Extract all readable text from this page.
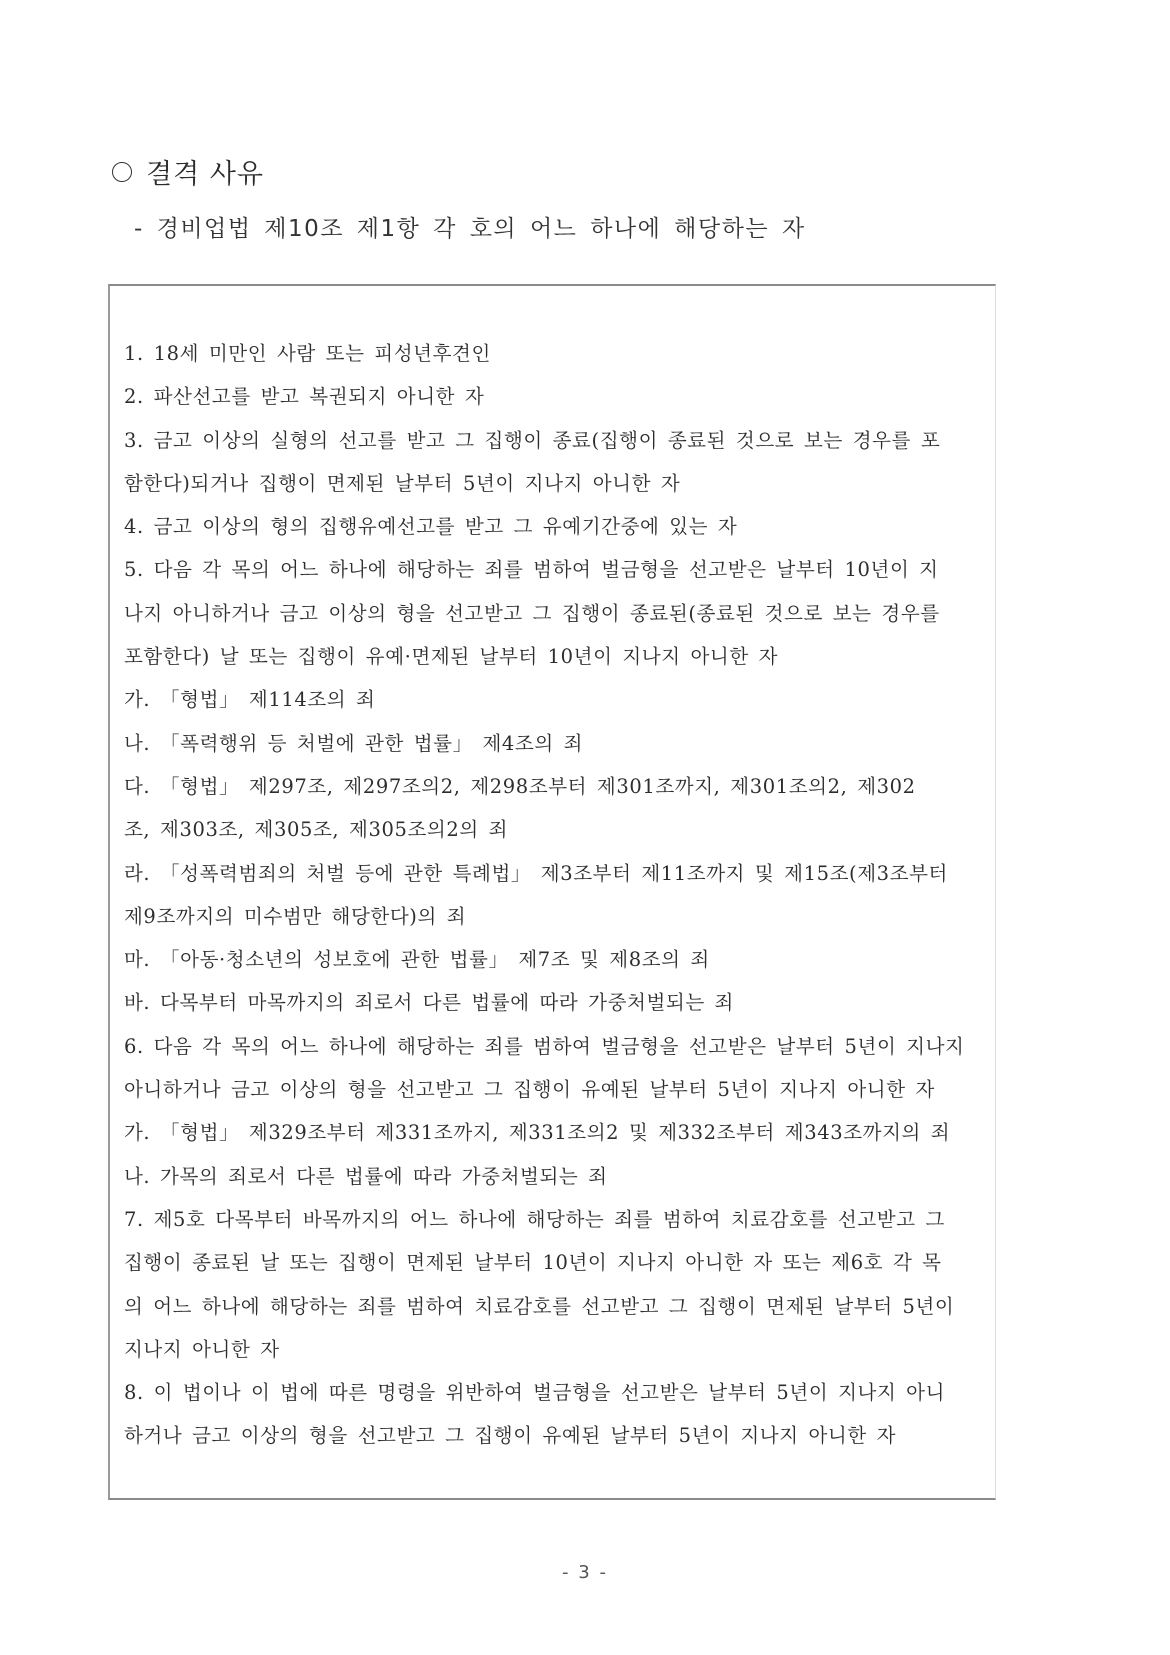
결격 사유
- 경비업법 제10조 제1항 각 호의 어느 하나에 해당하는 자
1. 18세 미만인 사람 또는 피성년후견인
2. 파산선고를 받고 복권되지 아니한 자
3. 금고 이상의 실형의 선고를 받고 그 집행이 종료(집행이 종료된 것으로 보는 경우를 포
함한다)되거나 집행이 면제된 날부터 5년이 지나지 아니한 자
4. 금고 이상의 형의 집행유예선고를 받고 그 유예기간중에 있는 자
5. 다음 각 목의 어느 하나에 해당하는 죄를 범하여 벌금형을 선고받은 날부터 10년이 지
나지 아니하거나 금고 이상의 형을 선고받고 그 집행이 종료된(종료된 것으로 보는 경우를
포함한다) 날 또는 집행이 유예·면제된 날부터 10년이 지나지 아니한 자
가. 「형법」 제114조의 죄
나. 「폭력행위 등 처벌에 관한 법률」 제4조의 죄
다. 「형법」 제297조, 제297조의2, 제298조부터 제301조까지, 제301조의2, 제302
조, 제303조, 제305조, 제305조의2의 죄
라. 「성폭력범죄의 처벌 등에 관한 특례법」 제3조부터 제11조까지 및 제15조(제3조부터
제9조까지의 미수범만 해당한다)의 죄
마. 「아동·청소년의 성보호에 관한 법률」 제7조 및 제8조의 죄
바. 다목부터 마목까지의 죄로서 다른 법률에 따라 가중처벌되는 죄
6. 다음 각 목의 어느 하나에 해당하는 죄를 범하여 벌금형을 선고받은 날부터 5년이 지나지
아니하거나 금고 이상의 형을 선고받고 그 집행이 유예된 날부터 5년이 지나지 아니한 자
가. 「형법」 제329조부터 제331조까지, 제331조의2 및 제332조부터 제343조까지의 죄
나. 가목의 죄로서 다른 법률에 따라 가중처벌되는 죄
7. 제5호 다목부터 바목까지의 어느 하나에 해당하는 죄를 범하여 치료감호를 선고받고 그
집행이 종료된 날 또는 집행이 면제된 날부터 10년이 지나지 아니한 자 또는 제6호 각 목
의 어느 하나에 해당하는 죄를 범하여 치료감호를 선고받고 그 집행이 면제된 날부터 5년이
지나지 아니한 자
8. 이 법이나 이 법에 따른 명령을 위반하여 벌금형을 선고받은 날부터 5년이 지나지 아니
하거나 금고 이상의 형을 선고받고 그 집행이 유예된 날부터 5년이 지나지 아니한 자
- 3 -
